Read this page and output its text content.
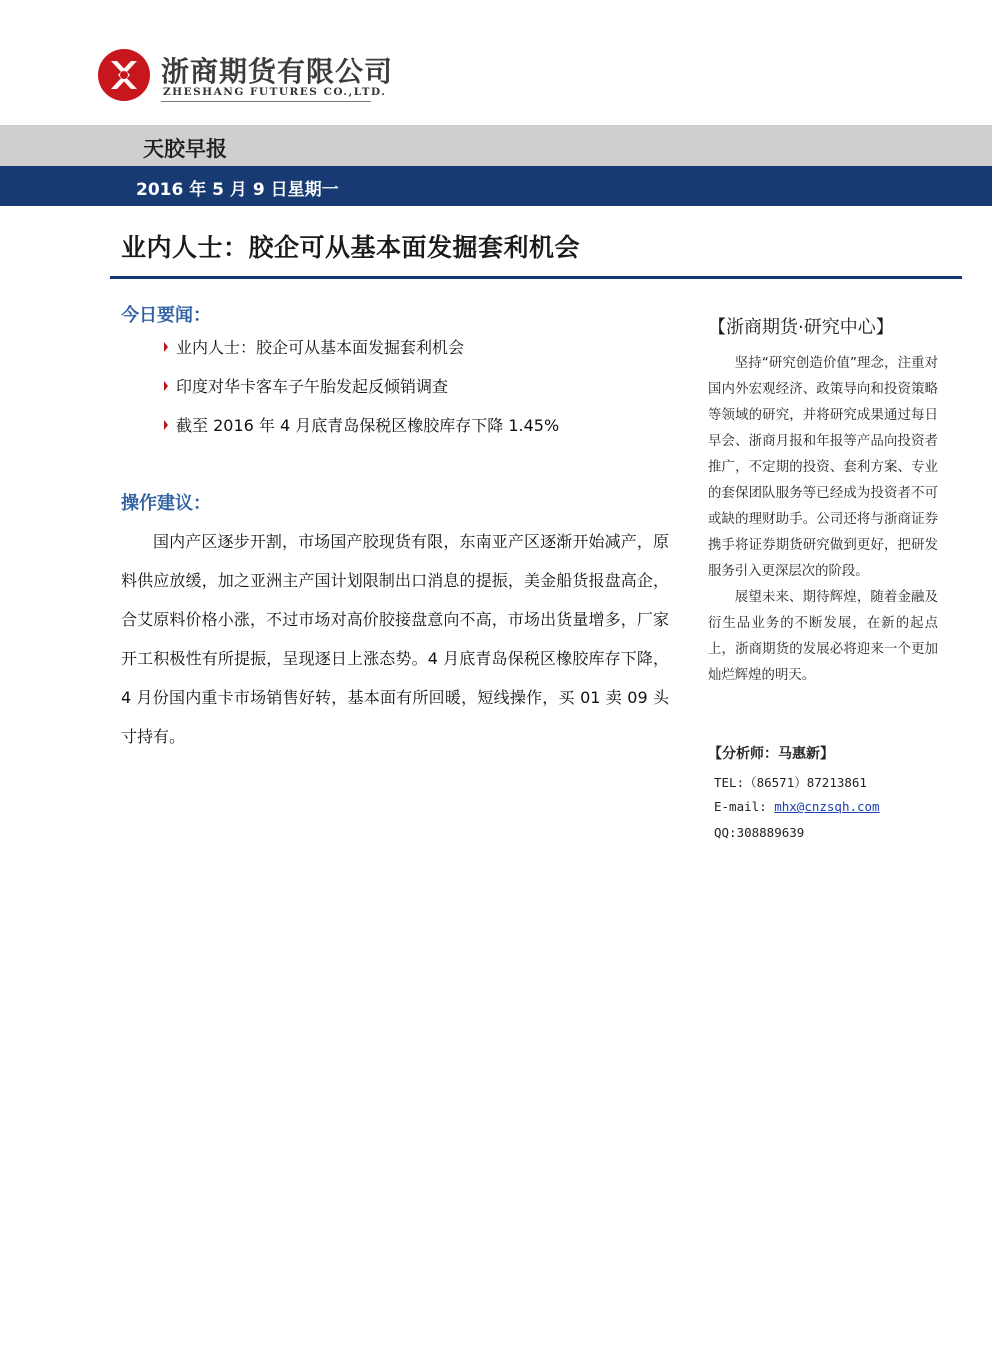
浙商期货有限公司
ZHESHANG FUTURES CO.,LTD.
天胶早报
2016 年 5 月 9 日星期一
业内人士：胶企可从基本面发掘套利机会
今日要闻：
业内人士：胶企可从基本面发掘套利机会
印度对华卡客车子午胎发起反倾销调查
截至 2016 年 4 月底青岛保税区橡胶库存下降 1.45%
操作建议：

国内产区逐步开割，市场国产胶现货有限，东南亚产区逐渐开始减产，原料供应放缓，加之亚洲主产国计划限制出口消息的提振，美金船货报盘高企，合艾原料价格小涨，不过市场对高价胶接盘意向不高，市场出货量增多，厂家开工积极性有所提振，呈现逐日上涨态势。4 月底青岛保税区橡胶库存下降，4 月份国内重卡市场销售好转，基本面有所回暖，短线操作，买 01 卖 09 头寸持有。

【浙商期货·研究中心】

坚持“研究创造价值”理念，注重对国内外宏观经济、政策导向和投资策略等领域的研究，并将研究成果通过每日早会、浙商月报和年报等产品向投资者推广，不定期的投资、套利方案、专业的套保团队服务等已经成为投资者不可或缺的理财助手。公司还将与浙商证券携手将证券期货研究做到更好，把研发服务引入更深层次的阶段。

展望未来、期待辉煌，随着金融及衍生品业务的不断发展，在新的起点上，浙商期货的发展必将迎来一个更加灿烂辉煌的明天。

【分析师：马惠新】
TEL:（86571）87213861
E-mail: mhx@cnzsqh.com
QQ:308889639
